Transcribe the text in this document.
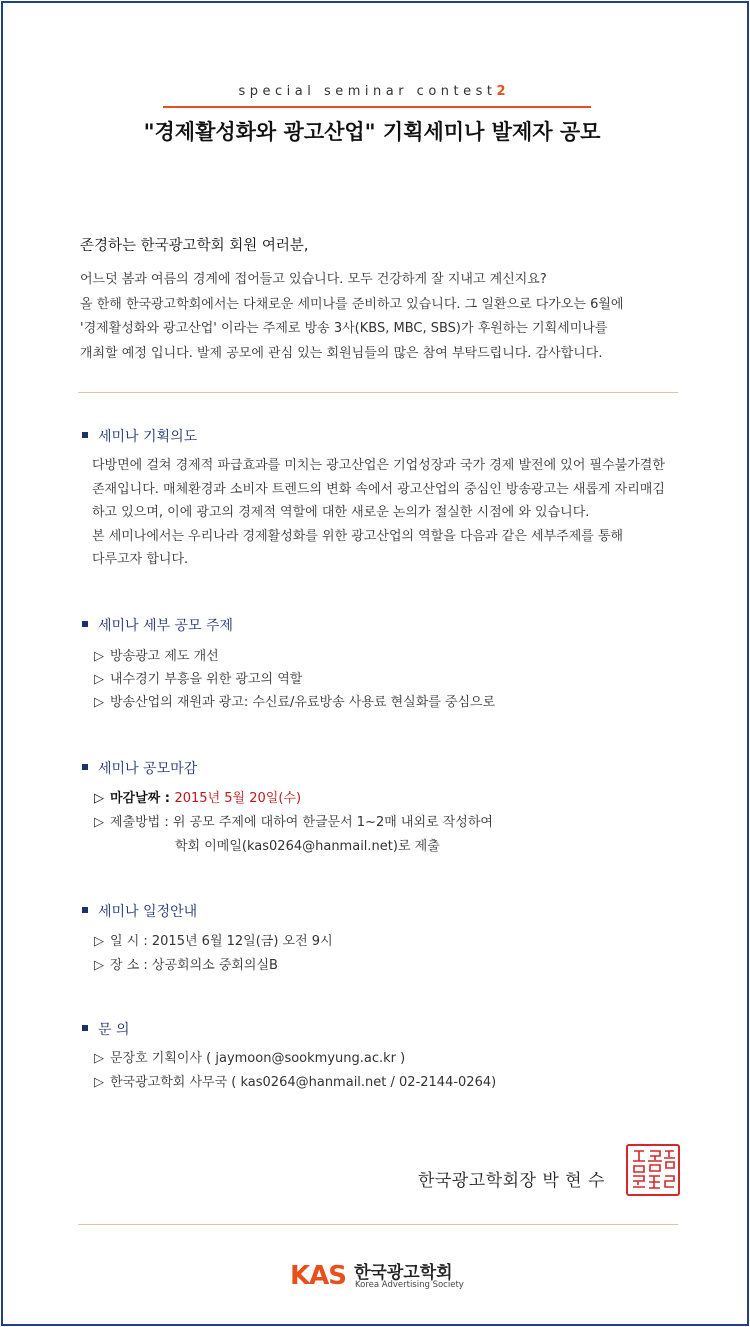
special seminar contest2
"경제활성화와 광고산업" 기획세미나 발제자 공모
존경하는 한국광고학회 회원 여러분,
어느덧 봄과 여름의 경계에 접어들고 있습니다. 모두 건강하게 잘 지내고 계신지요?
올 한해 한국광고학회에서는 다채로운 세미나를 준비하고 있습니다. 그 일환으로 다가오는 6월에
'경제활성화와 광고산업' 이라는 주제로 방송 3사(KBS, MBC, SBS)가 후원하는 기획세미나를
개최할 예정 입니다. 발제 공모에 관심 있는 회원님들의 많은 참여 부탁드립니다. 감사합니다.
세미나 기획의도
다방면에 걸쳐 경제적 파급효과를 미치는 광고산업은 기업성장과 국가 경제 발전에 있어 필수불가결한
존재입니다. 매체환경과 소비자 트렌드의 변화 속에서 광고산업의 중심인 방송광고는 새롭게 자리매김
하고 있으며, 이에 광고의 경제적 역할에 대한 새로운 논의가 절실한 시점에 와 있습니다.
본 세미나에서는 우리나라 경제활성화를 위한 광고산업의 역할을 다음과 같은 세부주제를 통해
다루고자 합니다.
세미나 세부 공모 주제
▷ 방송광고 제도 개선
▷ 내수경기 부흥을 위한 광고의 역할
▷ 방송산업의 재원과 광고: 수신료/유료방송 사용료 현실화를 중심으로
세미나 공모마감
▷ 마감날짜 : 2015년 5월 20일(수)
▷ 제출방법 : 위 공모 주제에 대하여 한글문서 1~2매 내외로 작성하여
학회 이메일(kas0264@hanmail.net)로 제출
세미나 일정안내
▷ 일 시 : 2015년 6월 12일(금) 오전 9시
▷ 장 소 : 상공회의소 중회의실B
문 의
▷ 문장호 기획이사 ( jaymoon@sookmyung.ac.kr )
▷ 한국광고학회 사무국 ( kas0264@hanmail.net / 02-2144-0264)
한국광고학회장 박 현 수
KAS 한국광고학회
Korea Advertising Society
